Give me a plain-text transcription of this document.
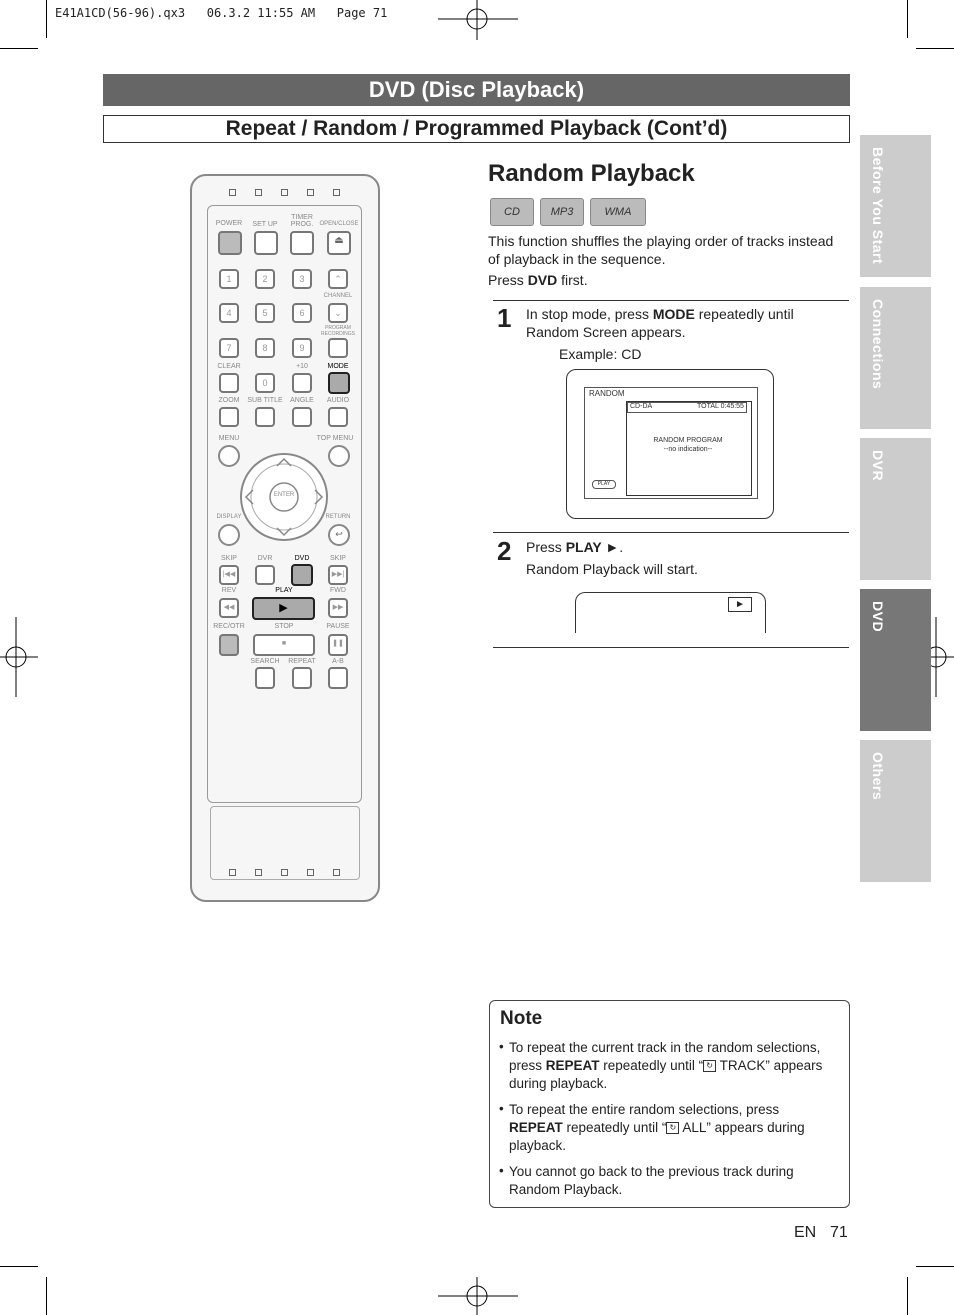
E41A1CD(56-96).qx3   06.3.2 11:55 AM   Page 71
DVD (Disc Playback)
Repeat / Random / Programmed Playback (Cont’d)
Before You Start
Connections
DVR
DVD
Others
POWER	SET UP
TIMER PROG.	OPEN/CLOSE
⏏
1	2	3	⌃
CHANNEL
4	5	6	⌄
PROGRAM RECORDINGS
7	8	9
CLEAR	+10	MODE
0
ZOOM	SUB TITLE	ANGLE	AUDIO
MENU	TOP MENU
ENTER
DISPLAY	RETURN
↩
SKIP	DVR	DVD	SKIP
|◀◀	▶▶|
REV	PLAY	FWD
◀◀	▶	▶▶
REC/OTR	STOP	PAUSE
■	❚❚
SEARCH	REPEAT	A-B
Random Playback
CD	MP3	WMA
This function shuffles the playing order of tracks instead of playback in the sequence.
Press DVD first.
1 In stop mode, press MODE repeatedly until Random Screen appears.
Example: CD
RANDOM
CD-DA	TOTAL 0:45:55
RANDOM PROGRAM
--no indication--
PLAY
2 Press PLAY ►.
Random Playback will start.
►
Note
• To repeat the current track in the random selections, press REPEAT repeatedly until “ ↻ TRACK” appears during playback.
• To repeat the entire random selections, press REPEAT repeatedly until “ ↻ ALL” appears during playback.
• You cannot go back to the previous track during Random Playback.
EN 71
